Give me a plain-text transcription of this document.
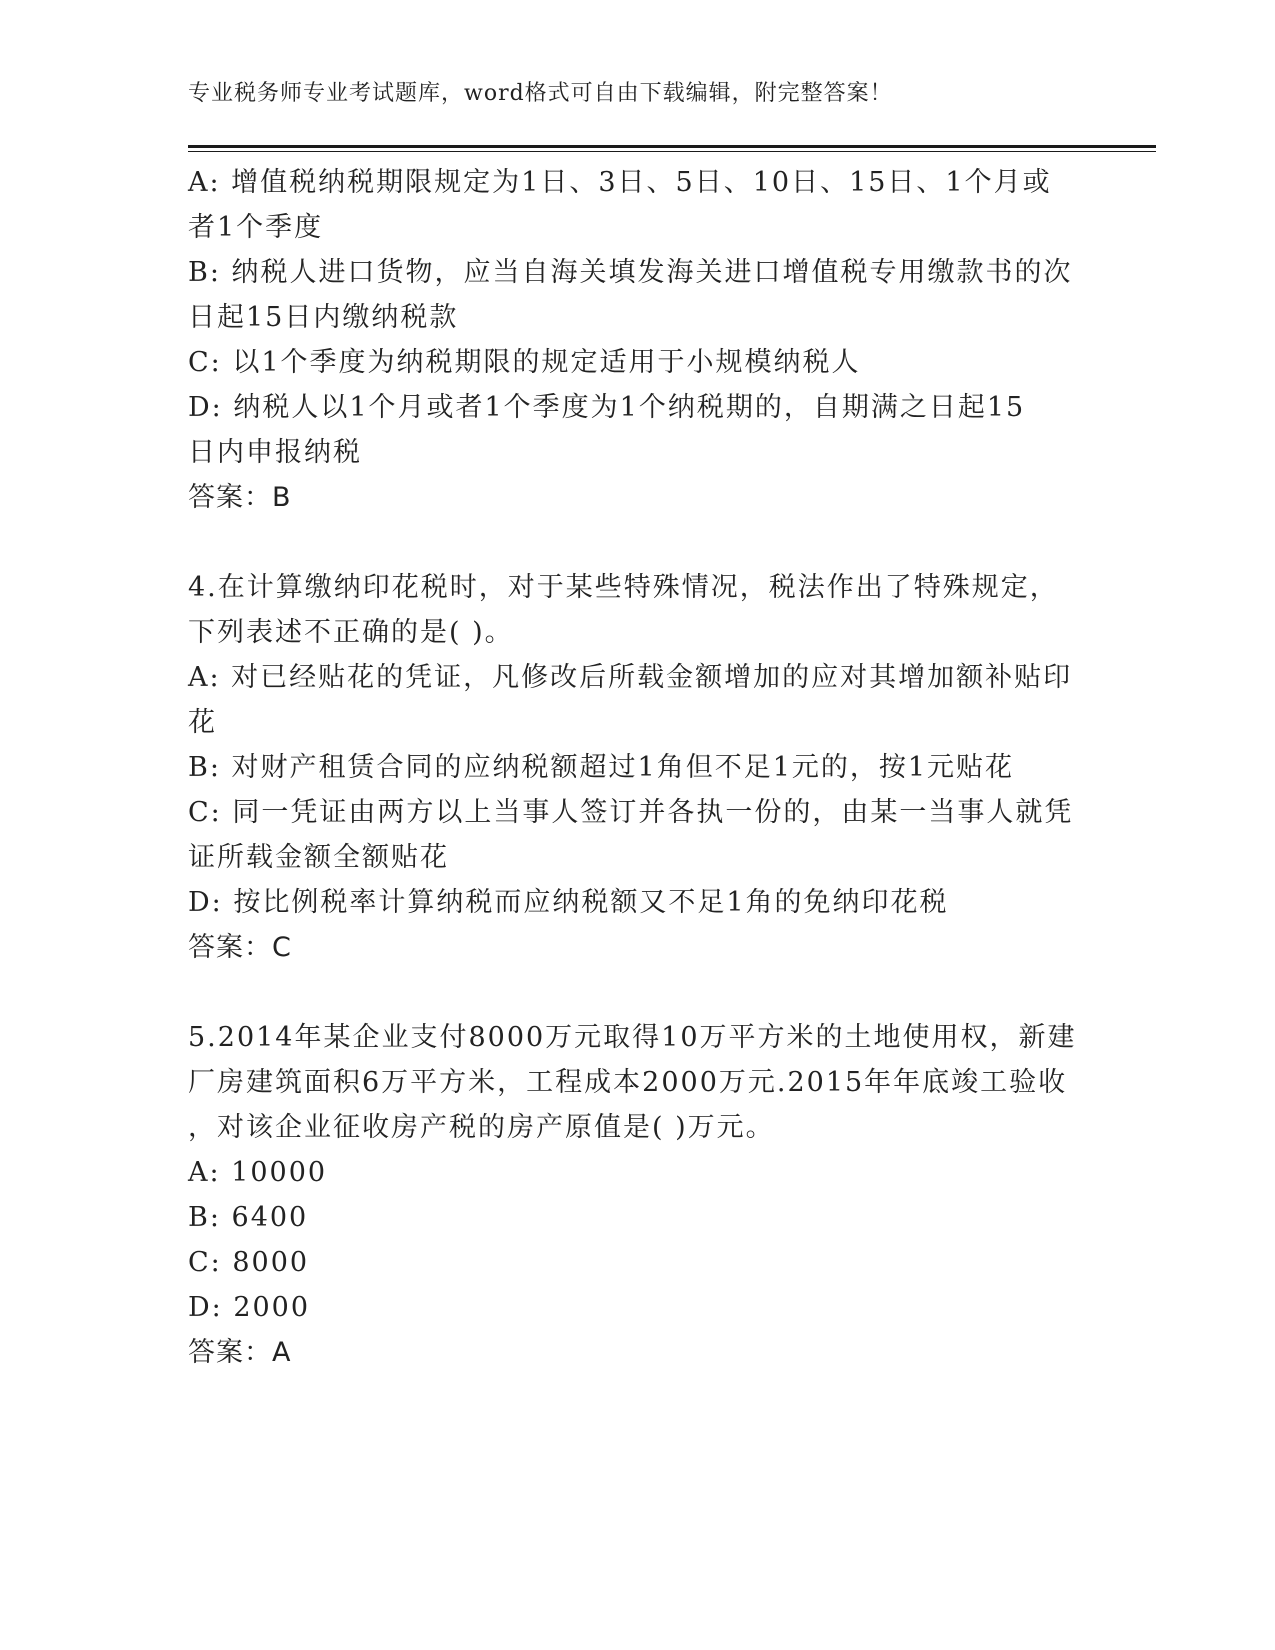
专业税务师专业考试题库，word格式可自由下载编辑，附完整答案！
A: 增值税纳税期限规定为1日、3日、5日、10日、15日、1个月或
者1个季度
B: 纳税人进口货物，应当自海关填发海关进口增值税专用缴款书的次
日起15日内缴纳税款
C: 以1个季度为纳税期限的规定适用于小规模纳税人
D: 纳税人以1个月或者1个季度为1个纳税期的，自期满之日起15
日内申报纳税
答案：B
4.在计算缴纳印花税时，对于某些特殊情况，税法作出了特殊规定，
下列表述不正确的是( )。
A: 对已经贴花的凭证，凡修改后所载金额增加的应对其增加额补贴印
花
B: 对财产租赁合同的应纳税额超过1角但不足1元的，按1元贴花
C: 同一凭证由两方以上当事人签订并各执一份的，由某一当事人就凭
证所载金额全额贴花
D: 按比例税率计算纳税而应纳税额又不足1角的免纳印花税
答案：C
5.2014年某企业支付8000万元取得10万平方米的土地使用权，新建
厂房建筑面积6万平方米，工程成本2000万元.2015年年底竣工验收
，对该企业征收房产税的房产原值是( )万元。
A: 10000
B: 6400
C: 8000
D: 2000
答案：A
